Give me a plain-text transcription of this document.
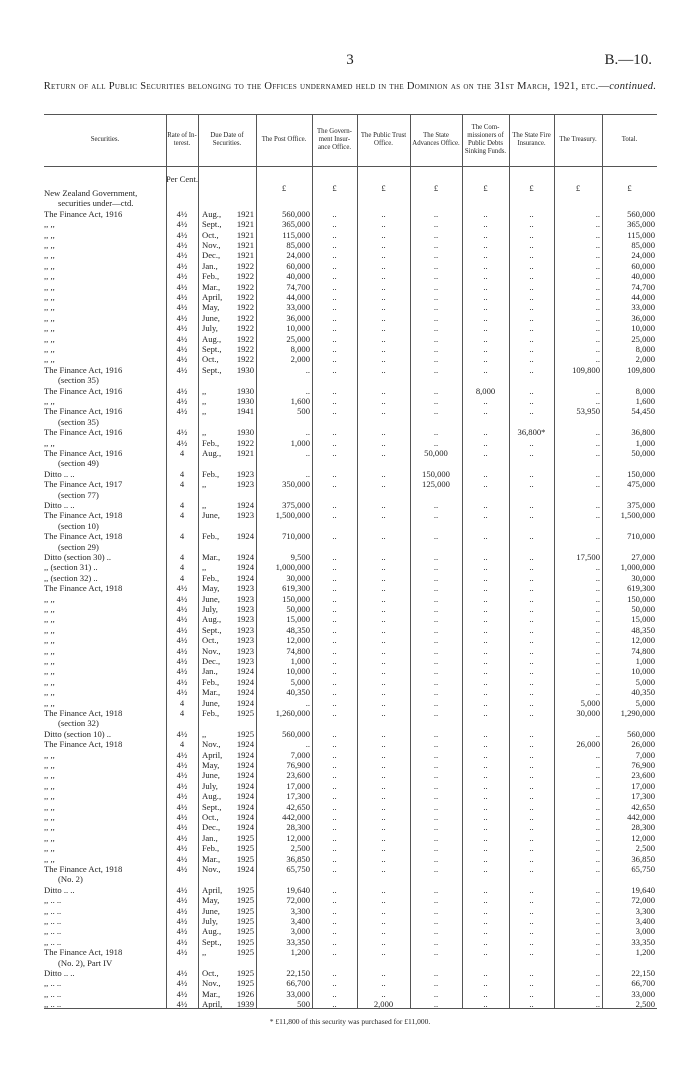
3	B.—10.
Return of all Public Securities belonging to the Offices undernamed held in the Dominion as on the 31st March, 1921, etc.—continued.
Securities.
Rate of In-terest.
Due Date of Securities.
The Post Office.
The Govern-ment Insur-ance Office.
The Public Trust Office.
The State Advances Office.
The Com-missioners of Public Debts Sinking Funds.
The State Fire Insurance.
The Treasury.	Total.
Per Cent.
£	£	£	£	£	£	£	£
New Zealand Government,
securities under—ctd.
The Finance Act, 1916	4½	Aug.,	1921	560,000	..	..	..	..	..	..	560,000
,, ,,	4½	Sept.,	1921	365,000	..	..	..	..	..	..	365,000
,, ,,	4½	Oct.,	1921	115,000	..	..	..	..	..	..	115,000
,, ,,	4½	Nov.,	1921	85,000	..	..	..	..	..	..	85,000
,, ,,	4½	Dec.,	1921	24,000	..	..	..	..	..	..	24,000
,, ,,	4½	Jan.,	1922	60,000	..	..	..	..	..	..	60,000
,, ,,	4½	Feb.,	1922	40,000	..	..	..	..	..	..	40,000
,, ,,	4½	Mar.,	1922	74,700	..	..	..	..	..	..	74,700
,, ,,	4½	April,	1922	44,000	..	..	..	..	..	..	44,000
,, ,,	4½	May,	1922	33,000	..	..	..	..	..	..	33,000
,, ,,	4½	June,	1922	36,000	..	..	..	..	..	..	36,000
,, ,,	4½	July,	1922	10,000	..	..	..	..	..	..	10,000
,, ,,	4½	Aug.,	1922	25,000	..	..	..	..	..	..	25,000
,, ,,	4½	Sept.,	1922	8,000	..	..	..	..	..	..	8,000
,, ,,	4½	Oct.,	1922	2,000	..	..	..	..	..	..	2,000
The Finance Act, 1916	4½	Sept.,	1930	..	..	..	..	..	..	109,800	109,800
(section 35)
The Finance Act, 1916	4½	,,	1930	..	..	..	..	8,000	..	..	8,000
,, ,,	4½	,,	1930	1,600	..	..	..	..	..	..	1,600
The Finance Act, 1916	4½	,,	1941	500	..	..	..	..	..	53,950	54,450
(section 35)
The Finance Act, 1916	4½	,,	1930	..	..	..	..	..	36,800*	..	36,800
,, ,,	4½	Feb.,	1922	1,000	..	..	..	..	..	..	1,000
The Finance Act, 1916	4	Aug.,	1921	..	..	..	50,000	..	..	..	50,000
(section 49)
Ditto .. ..	4	Feb.,	1923	..	..	..	150,000	..	..	..	150,000
The Finance Act, 1917	4	,,	1923	350,000	..	..	125,000	..	..	..	475,000
(section 77)
Ditto .. ..	4	,,	1924	375,000	..	..	..	..	..	..	375,000
The Finance Act, 1918	4	June,	1923	1,500,000	..	..	..	..	..	..	1,500,000
(section 10)
The Finance Act, 1918	4	Feb.,	1924	710,000	..	..	..	..	..	..	710,000
(section 29)
Ditto (section 30) ..	4	Mar.,	1924	9,500	..	..	..	..	..	17,500	27,000
,, (section 31) ..	4	,,	1924	1,000,000	..	..	..	..	..	..	1,000,000
,, (section 32) ..	4	Feb.,	1924	30,000	..	..	..	..	..	..	30,000
The Finance Act, 1918	4½	May,	1923	619,300	..	..	..	..	..	..	619,300
,, ,,	4½	June,	1923	150,000	..	..	..	..	..	..	150,000
,, ,,	4½	July,	1923	50,000	..	..	..	..	..	..	50,000
,, ,,	4½	Aug.,	1923	15,000	..	..	..	..	..	..	15,000
,, ,,	4½	Sept.,	1923	48,350	..	..	..	..	..	..	48,350
,, ,,	4½	Oct.,	1923	12,000	..	..	..	..	..	..	12,000
,, ,,	4½	Nov.,	1923	74,800	..	..	..	..	..	..	74,800
,, ,,	4½	Dec.,	1923	1,000	..	..	..	..	..	..	1,000
,, ,,	4½	Jan.,	1924	10,000	..	..	..	..	..	..	10,000
,, ,,	4½	Feb.,	1924	5,000	..	..	..	..	..	..	5,000
,, ,,	4½	Mar.,	1924	40,350	..	..	..	..	..	..	40,350
,, ,,	4	June,	1924	..	..	..	..	..	..	5,000	5,000
The Finance Act, 1918	4	Feb.,	1925	1,260,000	..	..	..	..	..	30,000	1,290,000
(section 32)
Ditto (section 10) ..	4½	,,	1925	560,000	..	..	..	..	..	..	560,000
The Finance Act, 1918	4	Nov.,	1924	..	..	..	..	..	..	26,000	26,000
,, ,,	4½	April,	1924	7,000	..	..	..	..	..	..	7,000
,, ,,	4½	May,	1924	76,900	..	..	..	..	..	..	76,900
,, ,,	4½	June,	1924	23,600	..	..	..	..	..	..	23,600
,, ,,	4½	July,	1924	17,000	..	..	..	..	..	..	17,000
,, ,,	4½	Aug.,	1924	17,300	..	..	..	..	..	..	17,300
,, ,,	4½	Sept.,	1924	42,650	..	..	..	..	..	..	42,650
,, ,,	4½	Oct.,	1924	442,000	..	..	..	..	..	..	442,000
,, ,,	4½	Dec.,	1924	28,300	..	..	..	..	..	..	28,300
,, ,,	4½	Jan.,	1925	12,000	..	..	..	..	..	..	12,000
,, ,,	4½	Feb.,	1925	2,500	..	..	..	..	..	..	2,500
,, ,,	4½	Mar.,	1925	36,850	..	..	..	..	..	..	36,850
The Finance Act, 1918	4½	Nov.,	1924	65,750	..	..	..	..	..	..	65,750
(No. 2)
Ditto .. ..	4½	April,	1925	19,640	..	..	..	..	..	..	19,640
,, .. ..	4½	May,	1925	72,000	..	..	..	..	..	..	72,000
,, .. ..	4½	June,	1925	3,300	..	..	..	..	..	..	3,300
,, .. ..	4½	July,	1925	3,400	..	..	..	..	..	..	3,400
,, .. ..	4½	Aug.,	1925	3,000	..	..	..	..	..	..	3,000
,, .. ..	4½	Sept.,	1925	33,350	..	..	..	..	..	..	33,350
The Finance Act, 1918	4½	,,	1925	1,200	..	..	..	..	..	..	1,200
(No. 2), Part IV
Ditto .. ..	4½	Oct.,	1925	22,150	..	..	..	..	..	..	22,150
,, .. ..	4½	Nov.,	1925	66,700	..	..	..	..	..	..	66,700
,, .. ..	4½	Mar.,	1926	33,000	..	..	..	..	..	..	33,000
,, .. ..	4½	April,	1939	500	..	2,000	..	..	..	..	2,500
* £11,800 of this security was purchased for £11,000.
